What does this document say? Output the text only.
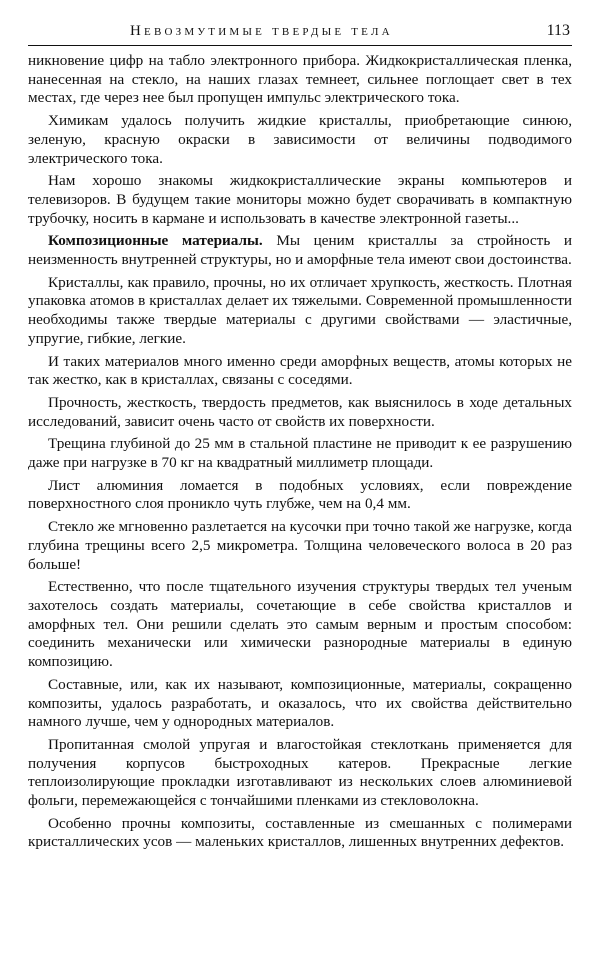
Невозмутимые твердые тела	113

никновение цифр на табло электронного прибора. Жидкокристаллическая пленка, нанесенная на стекло, на наших глазах темнеет, сильнее поглощает свет в тех местах, где через нее был пропущен импульс электрического тока.

Химикам удалось получить жидкие кристаллы, приобретающие синюю, зеленую, красную окраски в зависимости от величины подводимого электрического тока.

Нам хорошо знакомы жидкокристаллические экраны компьютеров и телевизоров. В будущем такие мониторы можно будет сворачивать в компактную трубочку, носить в кармане и использовать в качестве электронной газеты...

Композиционные материалы. Мы ценим кристаллы за стройность и неизменность внутренней структуры, но и аморфные тела имеют свои достоинства.

Кристаллы, как правило, прочны, но их отличает хрупкость, жесткость. Плотная упаковка атомов в кристаллах делает их тяжелыми. Современной промышленности необходимы также твердые материалы с другими свойствами — эластичные, упругие, гибкие, легкие.

И таких материалов много именно среди аморфных веществ, атомы которых не так жестко, как в кристаллах, связаны с соседями.

Прочность, жесткость, твердость предметов, как выяснилось в ходе детальных исследований, зависит очень часто от свойств их поверхности.

Трещина глубиной до 25 мм в стальной пластине не приводит к ее разрушению даже при нагрузке в 70 кг на квадратный миллиметр площади.

Лист алюминия ломается в подобных условиях, если повреждение поверхностного слоя проникло чуть глубже, чем на 0,4 мм.

Стекло же мгновенно разлетается на кусочки при точно такой же нагрузке, когда глубина трещины всего 2,5 микрометра. Толщина человеческого волоса в 20 раз больше!

Естественно, что после тщательного изучения структуры твердых тел ученым захотелось создать материалы, сочетающие в себе свойства кристаллов и аморфных тел. Они решили сделать это самым верным и простым способом: соединить механически или химически разнородные материалы в единую композицию.

Составные, или, как их называют, композиционные, материалы, сокращенно композиты, удалось разработать, и оказалось, что их свойства действительно намного лучше, чем у однородных материалов.

Пропитанная смолой упругая и влагостойкая стеклоткань применяется для получения корпусов быстроходных катеров. Прекрасные легкие теплоизолирующие прокладки изготавливают из нескольких слоев алюминиевой фольги, перемежающейся с тончайшими пленками из стекловолокна.

Особенно прочны композиты, составленные из смешанных с полимерами кристаллических усов — маленьких кристаллов, лишенных внутренних дефектов.
